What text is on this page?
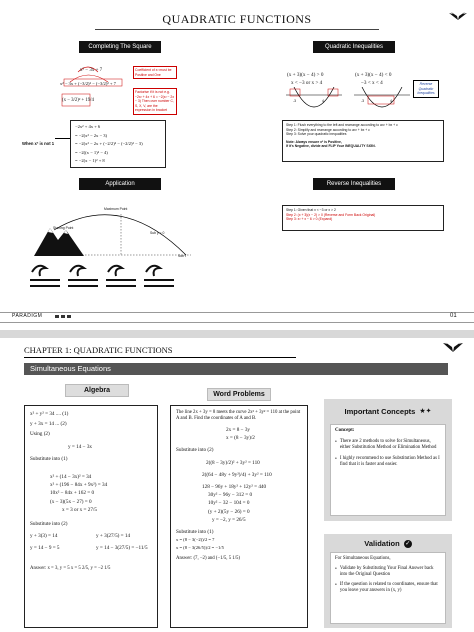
QUADRATIC FUNCTIONS
Completing The Square	Quadratic Inequalities
x² − 3x + 7
x² − 3x + (−3/2)² − (−3/2)² + 7
(x − 3/2)² + 19/4
Coefficient of x² must be Positive and One
Factorise if it is not e.g. −2x² + 4x + 6 = −2(x² − 2x − 3) Then over number C, S, X, V, are the expression in bracket
When x² is not 1
−2x² + 4x + 6
= −2(x² − 2x − 3)
= −2(x² − 2x + (−2/2)² − (−2/2)² − 3)
= −2((x − 1)² − 4)
= −2(x − 1)² + 8
(x + 3)(x − 4) > 0
x < −3 or x > 4
(x + 3)(x − 4) < 0
−3 < x < 4
-3	4	-3	4
Reverse Quadratic Inequalities
Step 1: Flush everything to the left and rearrange according to ax² + bx + c
Step 2: Simplify and rearrange according to ax² + bx + c
Step 3: Solve your quadratic inequalities
Note: Always ensure x² is Positive,
If it's Negative, divide and FLIP Your INEQUALITY SIGN.
Application	Reverse Inequalities
Maximum Point
Starting Point
Sub y = 0
Sub t
Step 1: Given that x < −3 or x > 2
Step 2: (x + 3)(x − 2) > 0 (Reverse and Form Back Original)
Step 3: x² + x − 6 > 0 (Expand)
PARADIGM	01
CHAPTER 1: QUADRATIC FUNCTIONS
Simultaneous Equations
Algebra
x² + y² = 34 .... (1)
y + 3x = 14 ... (2)
Using (2)
y = 14 − 3x
Substitute into (1)
x² + (14 − 3x)² = 34
x² + (196 − 84x + 9x²) = 34
10x² − 84x + 162 = 0
(x − 3)(5x − 27) = 0
x = 3 or x = 27/5
Substitute into (2)
y + 3(3) = 14	y + 3(27/5) = 14
y = 14 − 9 = 5	y = 14 − 3(27/5) = −11/5
Answer: x = 3, y = 5 x = 5 2/5, y = −2 1/5
Word Problems
The line 2x + 3y = 8 meets the curve 2x² + 3y² = 110 at the point A and B. Find the coordinates of A and B.
2x = 8 − 3y
x = (8 − 3y)/2
Substitute into (2)
2((8 − 3y)/2)² + 3y² = 110
2((64 − 48y + 9y²)/4) + 3y² = 110
128 − 96y + 18y² + 12y² = 440
30y² − 96y − 312 = 0
10y² − 32 − 104 = 0
(y + 2)(5y − 26) = 0
y = −2, y = 26/5
Substitute into (1)
x = (8 − 3(−2))/2 = 7
x = (8 − 3(26/5))/2 = −1/5
Answer: (7, −2) and (−1/5, 5 1/5)
Important Concepts ★✦
Concept:
• There are 2 methods to solve for Simultaneous, either Substitution Method or Elimination Method
• I highly recommend to use Substitution Method as I find that it is faster and easier.
Validation ✓
For Simultaneous Equations,
• Validate by Substituting Your Final Answer back into the Original Question
• If the question is related to coordinates, ensure that you leave your answers in (x, y)
